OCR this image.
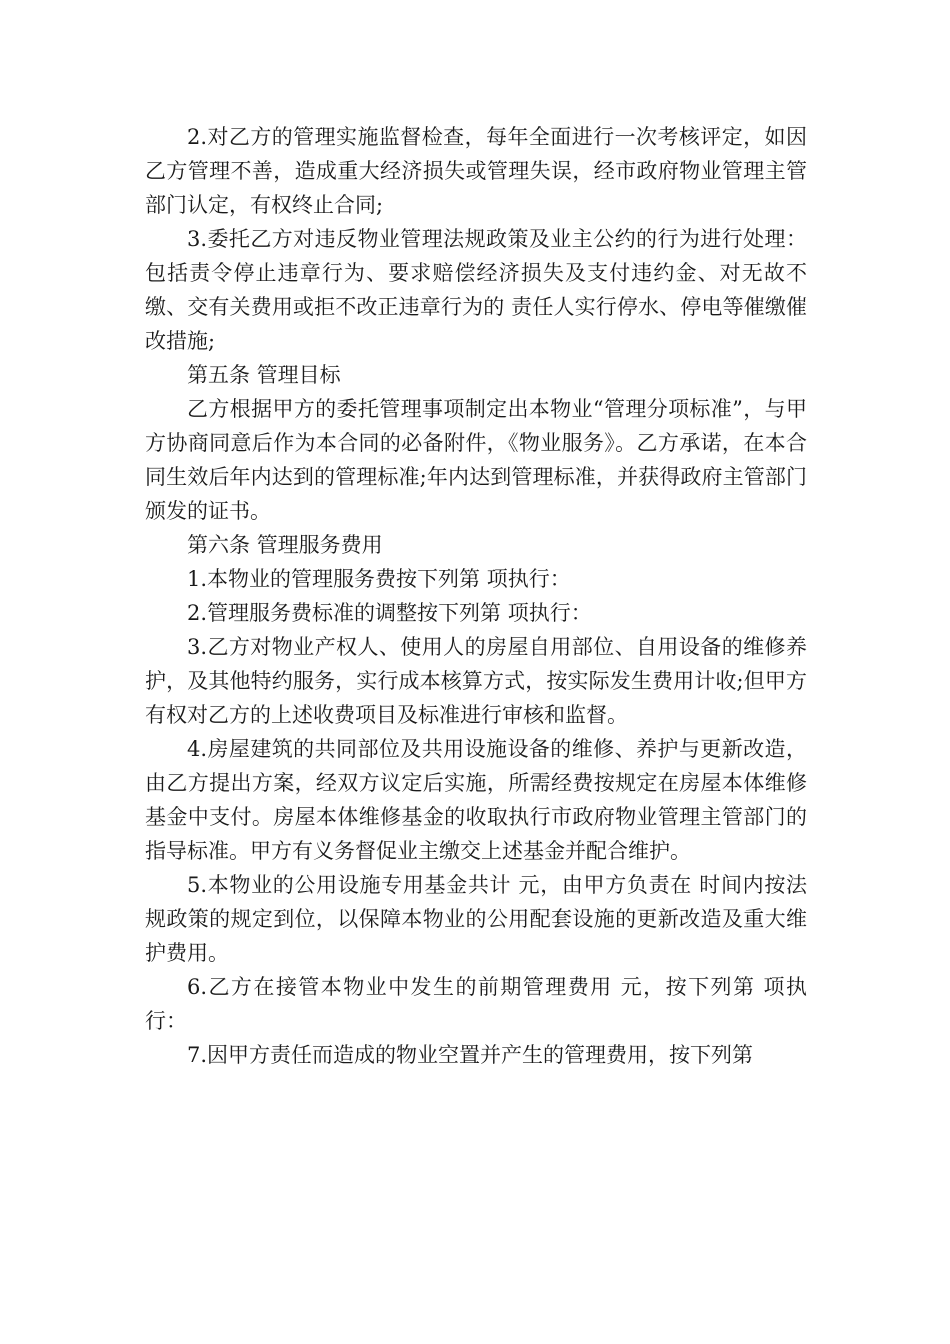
2.对乙方的管理实施监督检查，每年全面进行一次考核评定，如因乙方管理不善，造成重大经济损失或管理失误，经市政府物业管理主管部门认定，有权终止合同;

3.委托乙方对违反物业管理法规政策及业主公约的行为进行处理：包括责令停止违章行为、要求赔偿经济损失及支付违约金、对无故不缴、交有关费用或拒不改正违章行为的 责任人实行停水、停电等催缴催改措施;

第五条 管理目标

乙方根据甲方的委托管理事项制定出本物业“管理分项标准”，与甲方协商同意后作为本合同的必备附件，《物业服务》。乙方承诺，在本合同生效后年内达到的管理标准;年内达到管理标准，并获得政府主管部门颁发的证书。

第六条 管理服务费用

1.本物业的管理服务费按下列第 项执行：

2.管理服务费标准的调整按下列第 项执行：

3.乙方对物业产权人、使用人的房屋自用部位、自用设备的维修养护，及其他特约服务，实行成本核算方式，按实际发生费用计收;但甲方有权对乙方的上述收费项目及标准进行审核和监督。

4.房屋建筑的共同部位及共用设施设备的维修、养护与更新改造，由乙方提出方案，经双方议定后实施，所需经费按规定在房屋本体维修基金中支付。房屋本体维修基金的收取执行市政府物业管理主管部门的指导标准。甲方有义务督促业主缴交上述基金并配合维护。

5.本物业的公用设施专用基金共计 元，由甲方负责在 时间内按法规政策的规定到位，以保障本物业的公用配套设施的更新改造及重大维护费用。

6.乙方在接管本物业中发生的前期管理费用 元，按下列第 项执行：

7.因甲方责任而造成的物业空置并产生的管理费用，按下列第
